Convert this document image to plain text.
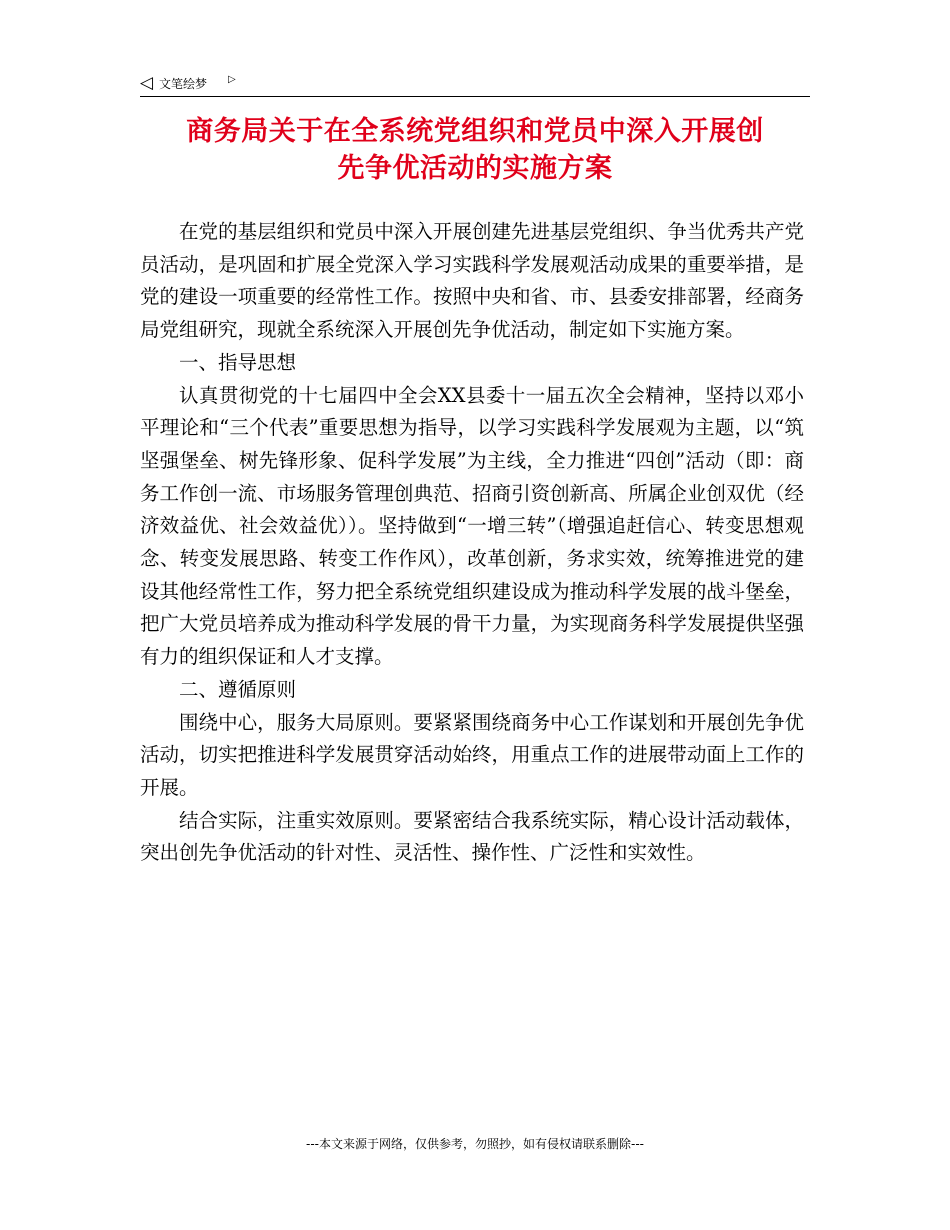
◁ 文笔绘梦 ▷
商务局关于在全系统党组织和党员中深入开展创
先争优活动的实施方案

在党的基层组织和党员中深入开展创建先进基层党组织、争当优秀共产党员活动，是巩固和扩展全党深入学习实践科学发展观活动成果的重要举措，是党的建设一项重要的经常性工作。按照中央和省、市、县委安排部署，经商务局党组研究，现就全系统深入开展创先争优活动，制定如下实施方案。

一、指导思想

认真贯彻党的十七届四中全会XX县委十一届五次全会精神，坚持以邓小平理论和“三个代表”重要思想为指导，以学习实践科学发展观为主题，以“筑坚强堡垒、树先锋形象、促科学发展”为主线，全力推进“四创”活动（即：商务工作创一流、市场服务管理创典范、招商引资创新高、所属企业创双优（经济效益优、社会效益优））。坚持做到“一增三转”（增强追赶信心、转变思想观念、转变发展思路、转变工作作风），改革创新，务求实效，统筹推进党的建设其他经常性工作，努力把全系统党组织建设成为推动科学发展的战斗堡垒，把广大党员培养成为推动科学发展的骨干力量，为实现商务科学发展提供坚强有力的组织保证和人才支撑。

二、遵循原则

围绕中心，服务大局原则。要紧紧围绕商务中心工作谋划和开展创先争优活动，切实把推进科学发展贯穿活动始终，用重点工作的进展带动面上工作的开展。

结合实际，注重实效原则。要紧密结合我系统实际，精心设计活动载体，突出创先争优活动的针对性、灵活性、操作性、广泛性和实效性。

---本文来源于网络，仅供参考，勿照抄，如有侵权请联系删除---
